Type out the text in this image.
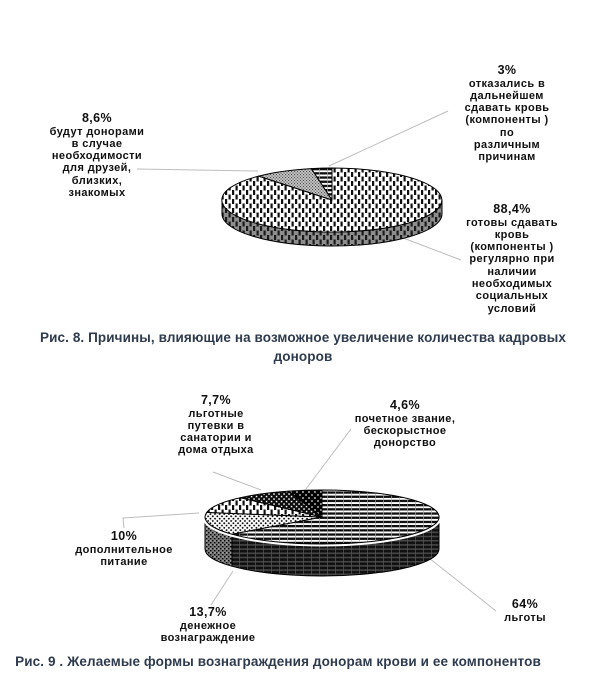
3%
отказались в
дальнейшем
сдавать кровь
(компоненты ) по
различным
причинам
8,6%
будут донорами
в случае
необходимости
для друзей,
близких,
знакомых
88,4%
готовы сдавать
кровь
(компоненты )
регулярно при
наличии
необходимых
социальных
условий
Рис. 8. Причины, влияющие на возможное увеличение количества кадровых
доноров
7,7%
льготные
путевки в
санатории и
дома отдыха
4,6%
почетное звание,
бескорыстное
донорство
10%
дополнительное
питание
13,7%
денежное
вознаграждение
64%
льготы
Рис. 9 . Желаемые формы вознаграждения донорам крови и ее компонентов
